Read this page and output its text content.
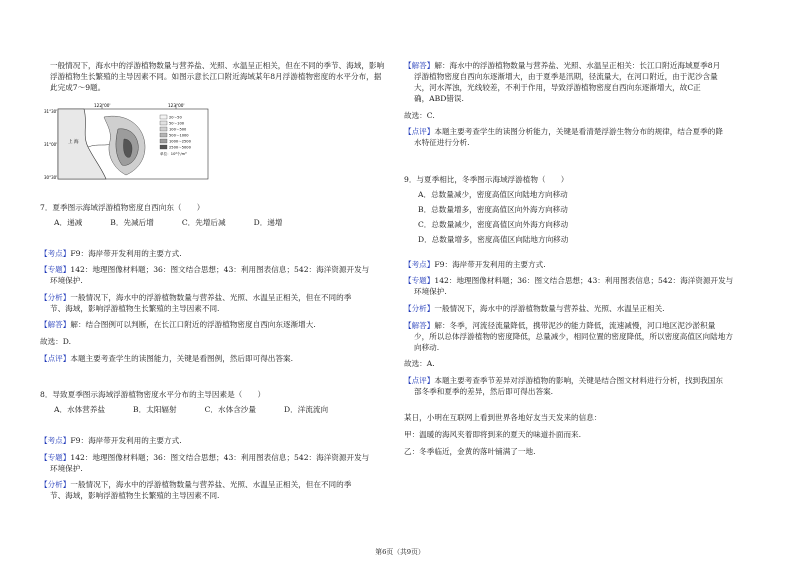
一般情况下，海水中的浮游植物数量与营养盐、光照、水温呈正相关，但在不同的季节、海域，影响浮游植物生长繁殖的主导因素不同。如图示意长江口附近海域某年8月浮游植物密度的水平分布，据此完成7～9题。

122°00'	123°00'
31°30'
31°00'
30°30'
上 海
20～50
50～100
100～500
500～1000
1000～2500
2500～5000
单位：10⁴个/m³
7．夏季图示海域浮游植物密度自西向东（　　）
A．递减	B．先减后增	C．先增后减	D．递增

【考点】F9：海岸带开发利用的主要方式.

【专题】142：地理图像材料题；36：图文结合思想；43：利用图表信息；542：海洋资源开发与
环境保护.

【分析】一般情况下，海水中的浮游植物数量与营养盐、光照、水温呈正相关，但在不同的季
节、海域，影响浮游植物生长繁殖的主导因素不同.

【解答】解：结合图例可以判断，在长江口附近的浮游植物密度自西向东逐渐增大.

故选：D.

【点评】本题主要考查学生的读图能力，关键是看图例，然后即可得出答案.

8．导致夏季图示海域浮游植物密度水平分布的主导因素是（　　）
A．水体营养盐	B．太阳辐射	C．水体含沙量	D．洋流流向

【考点】F9：海岸带开发利用的主要方式.

【专题】142：地理图像材料题；36：图文结合思想；43：利用图表信息；542：海洋资源开发与
环境保护.

【分析】一般情况下，海水中的浮游植物数量与营养盐、光照、水温呈正相关，但在不同的季
节、海域，影响浮游植物生长繁殖的主导因素不同.

【解答】解：海水中的浮游植物数量与营养盐、光照、水温呈正相关：长江口附近海域夏季8月
浮游植物密度自西向东逐渐增大，由于夏季是汛期，径流量大，在河口附近，由于泥沙含量
大，河水浑浊，光线较差，不利于作用，导致浮游植物密度自西向东逐渐增大，故C正
确，ABD错误.

故选：C.

【点评】本题主要考查学生的读图分析能力，关键是看清楚浮游生物分布的规律，结合夏季的降
水特征进行分析.

9．与夏季相比，冬季图示海域浮游植物（　　）
A．总数量减少，密度高值区向陆地方向移动
B．总数量增多，密度高值区向外海方向移动
C．总数量减少，密度高值区向外海方向移动
D．总数量增多，密度高值区向陆地方向移动

【考点】F9：海岸带开发利用的主要方式.

【专题】142：地理图像材料题；36：图文结合思想；43：利用图表信息；542：海洋资源开发与
环境保护.

【分析】一般情况下，海水中的浮游植物数量与营养盐、光照、水温呈正相关.

【解答】解：冬季，河流径流量降低，携带泥沙的能力降低，流速减慢，河口地区泥沙淤积量
少，所以总体浮游植物的密度降低，总量减少，相同位置的密度降低，所以密度高值区向陆地方
向移动.

故选：A.

【点评】本题主要考查季节差异对浮游植物的影响，关键是结合图文材料进行分析，找到我国东
部冬季和夏季的差异，然后即可得出答案.

某日，小明在互联网上看到世界各地好友当天发来的信息：

甲：温暖的海风夹着即将到来的夏天的味道扑面而来.

乙：冬季临近，金黄的落叶铺满了一地.

第6页（共9页）
